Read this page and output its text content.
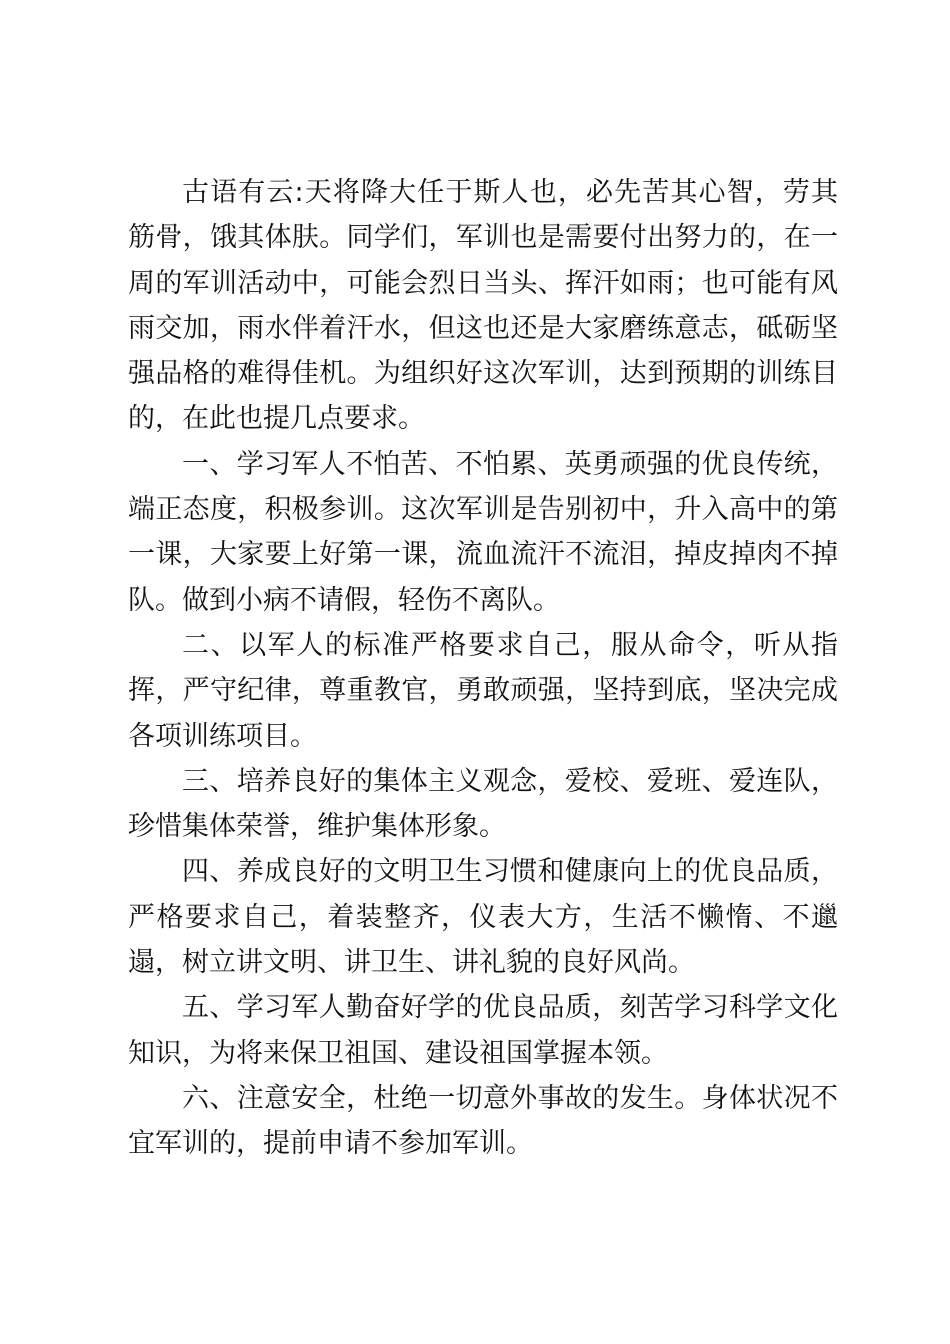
古语有云:天将降大任于斯人也，必先苦其心智，劳其筋骨，饿其体肤。同学们，军训也是需要付出努力的，在一周的军训活动中，可能会烈日当头、挥汗如雨；也可能有风雨交加，雨水伴着汗水，但这也还是大家磨练意志，砥砺坚强品格的难得佳机。为组织好这次军训，达到预期的训练目的，在此也提几点要求。

一、学习军人不怕苦、不怕累、英勇顽强的优良传统，端正态度，积极参训。这次军训是告别初中，升入高中的第一课，大家要上好第一课，流血流汗不流泪，掉皮掉肉不掉队。做到小病不请假，轻伤不离队。

二、以军人的标准严格要求自己，服从命令，听从指挥，严守纪律，尊重教官，勇敢顽强，坚持到底，坚决完成各项训练项目。

三、培养良好的集体主义观念，爱校、爱班、爱连队，珍惜集体荣誉，维护集体形象。

四、养成良好的文明卫生习惯和健康向上的优良品质，严格要求自己，着装整齐，仪表大方，生活不懒惰、不邋遢，树立讲文明、讲卫生、讲礼貌的良好风尚。

五、学习军人勤奋好学的优良品质，刻苦学习科学文化知识，为将来保卫祖国、建设祖国掌握本领。

六、注意安全，杜绝一切意外事故的发生。身体状况不宜军训的，提前申请不参加军训。
